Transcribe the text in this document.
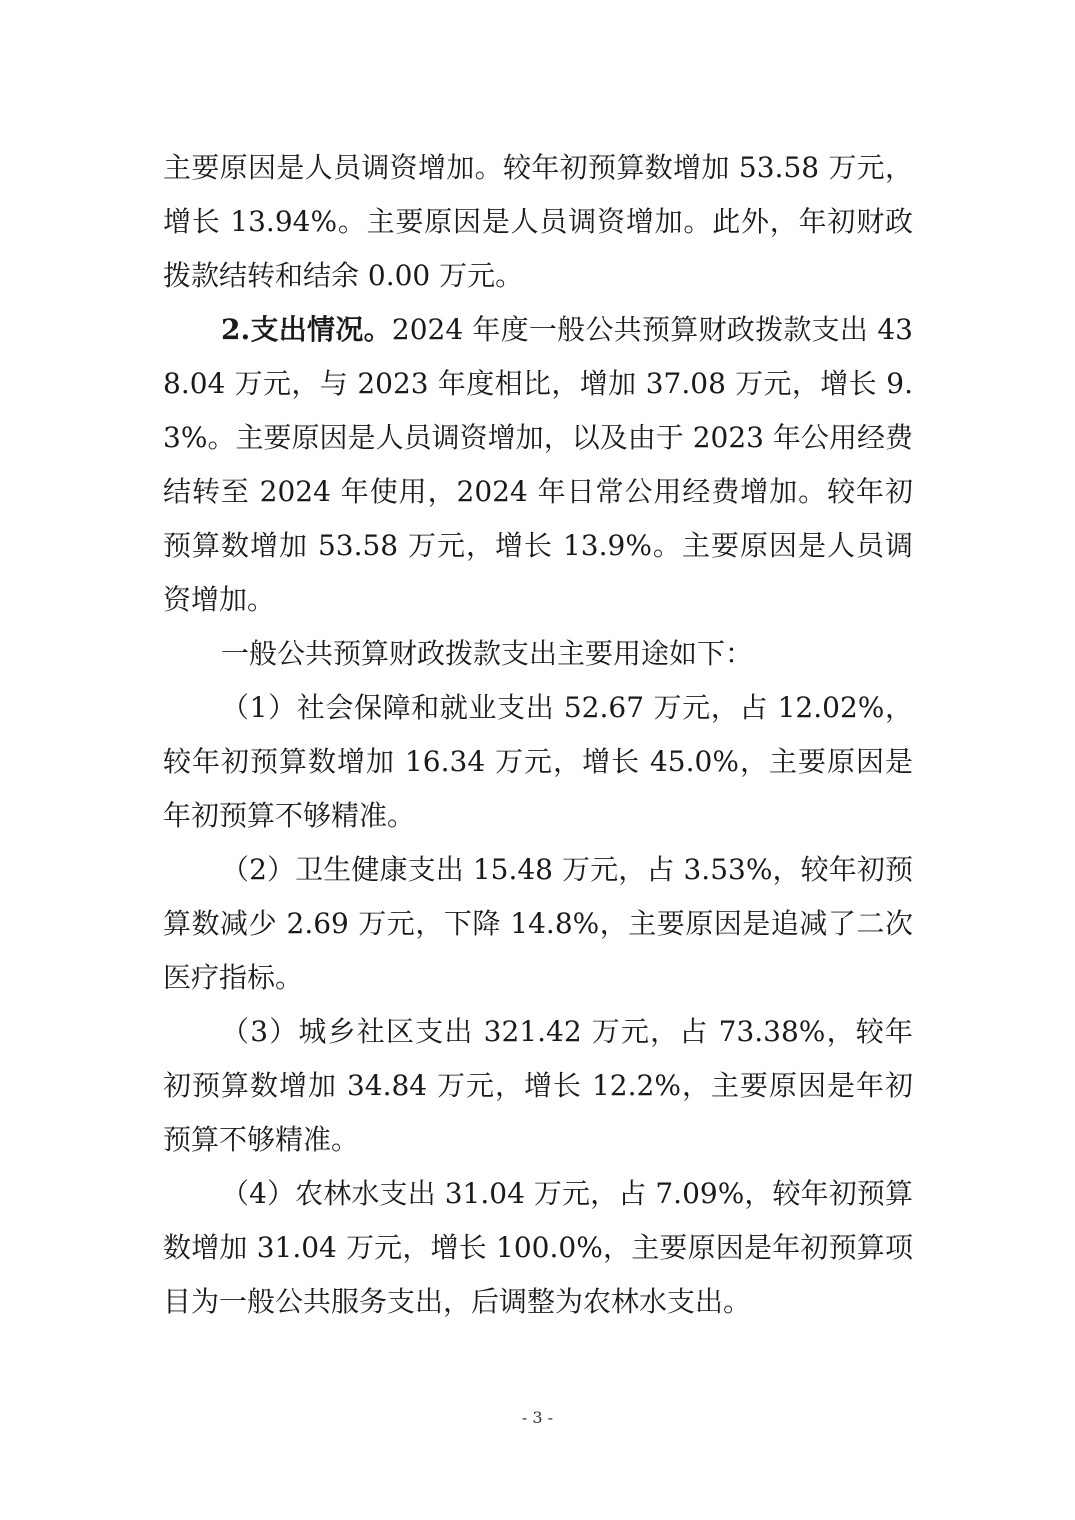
主要原因是人员调资增加。较年初预算数增加 53.58 万元，增长 13.94%。主要原因是人员调资增加。此外，年初财政拨款结转和结余 0.00 万元。

2.支出情况。2024 年度一般公共预算财政拨款支出 438.04 万元，与 2023 年度相比，增加 37.08 万元，增长 9.3%。主要原因是人员调资增加，以及由于 2023 年公用经费结转至 2024 年使用，2024 年日常公用经费增加。较年初预算数增加 53.58 万元，增长 13.9%。主要原因是人员调资增加。

一般公共预算财政拨款支出主要用途如下：

（1）社会保障和就业支出 52.67 万元，占 12.02%，较年初预算数增加 16.34 万元，增长 45.0%，主要原因是年初预算不够精准。

（2）卫生健康支出 15.48 万元，占 3.53%，较年初预算数减少 2.69 万元，下降 14.8%，主要原因是追减了二次医疗指标。

（3）城乡社区支出 321.42 万元，占 73.38%，较年初预算数增加 34.84 万元，增长 12.2%，主要原因是年初预算不够精准。

（4）农林水支出 31.04 万元，占 7.09%，较年初预算数增加 31.04 万元，增长 100.0%，主要原因是年初预算项目为一般公共服务支出，后调整为农林水支出。

- 3 -
